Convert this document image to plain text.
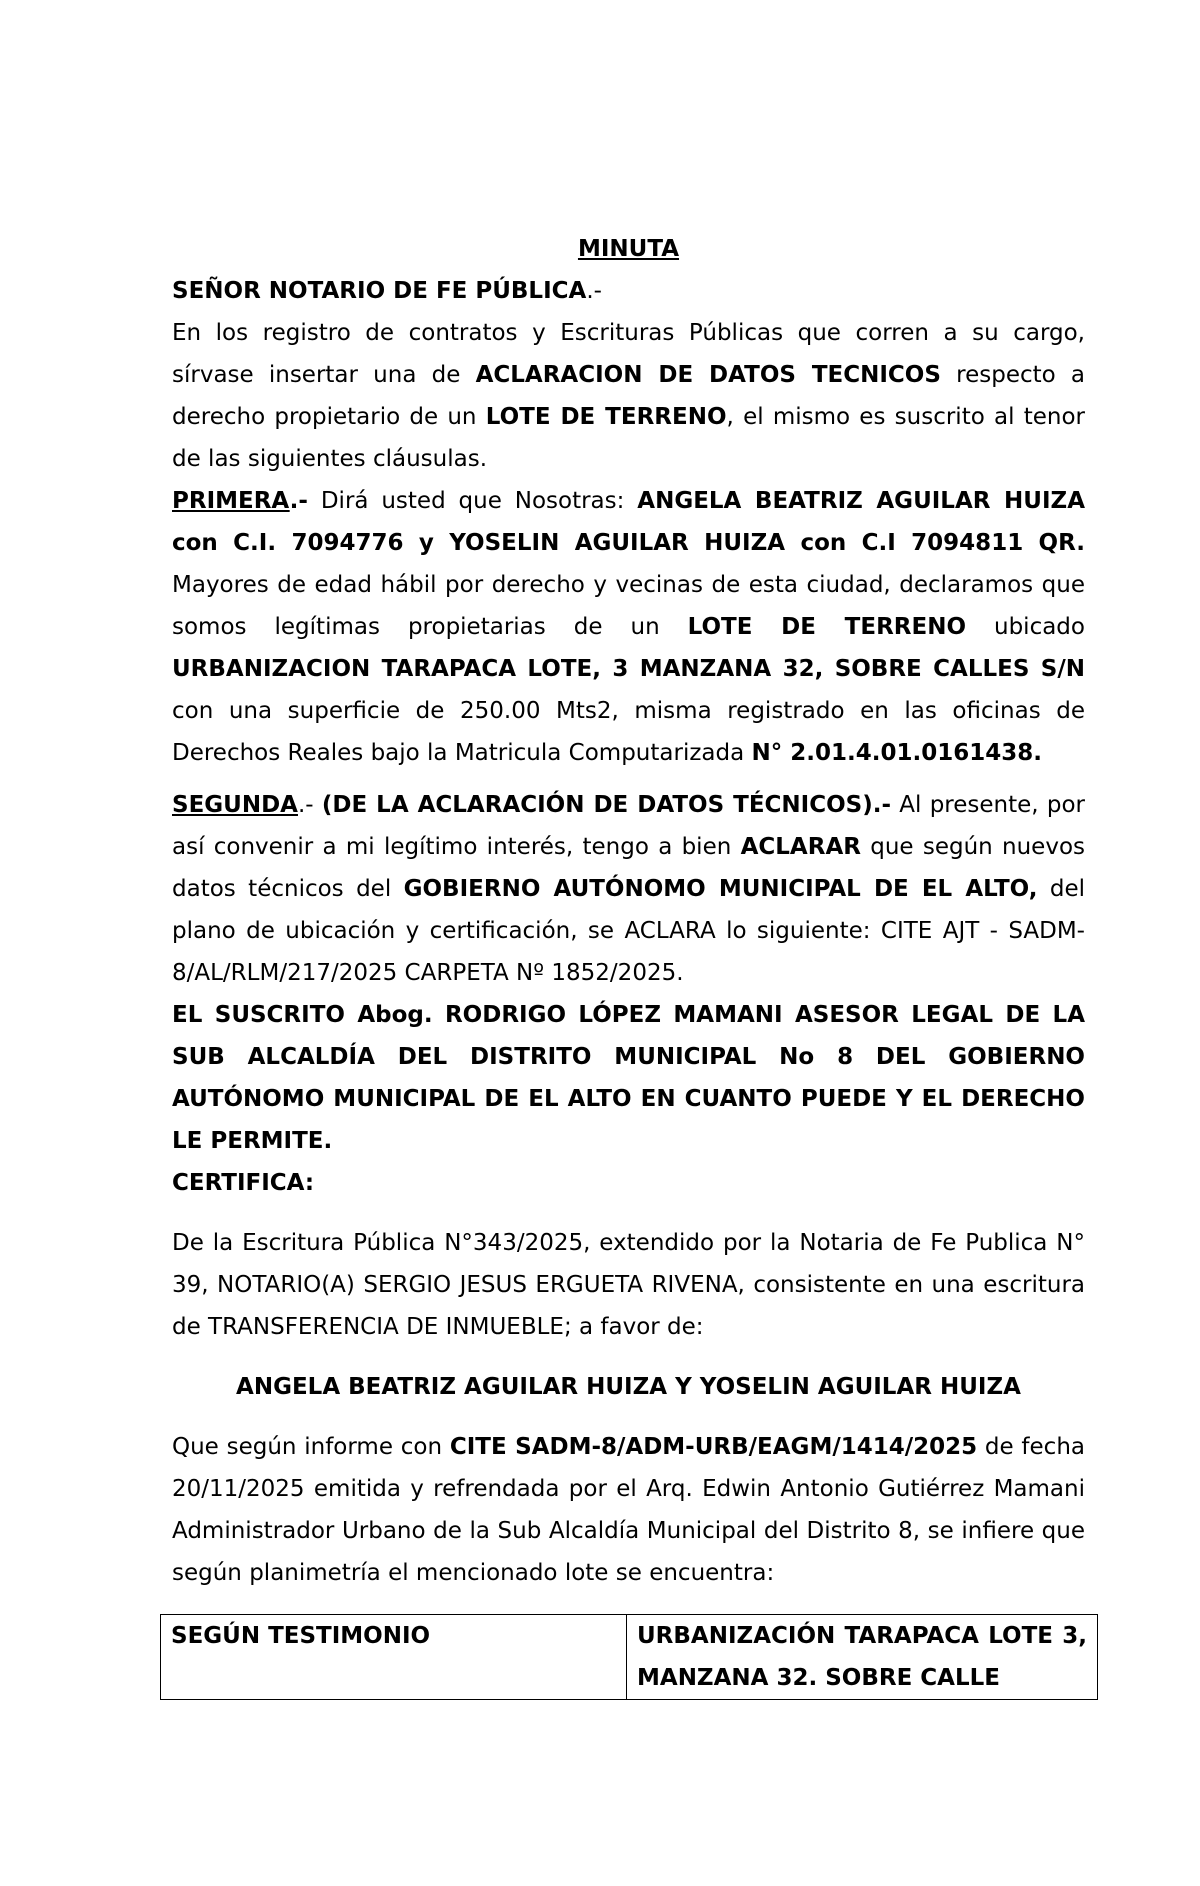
MINUTA

SEÑOR NOTARIO DE FE PÚBLICA.-

En los registro de contratos y Escrituras Públicas que corren a su cargo, sírvase insertar una de ACLARACION DE DATOS TECNICOS respecto a derecho propietario de un LOTE DE TERRENO, el mismo es suscrito al tenor de las siguientes cláusulas.

PRIMERA.- Dirá usted que Nosotras: ANGELA BEATRIZ AGUILAR HUIZA con C.I. 7094776 y YOSELIN AGUILAR HUIZA con C.I 7094811 QR. Mayores de edad hábil por derecho y vecinas de esta ciudad, declaramos que somos legítimas propietarias de un LOTE DE TERRENO ubicado URBANIZACION TARAPACA LOTE, 3 MANZANA 32, SOBRE CALLES S/N con una superficie de 250.00 Mts2, misma registrado en las oficinas de Derechos Reales bajo la Matricula Computarizada N° 2.01.4.01.0161438.

SEGUNDA.- (DE LA ACLARACIÓN DE DATOS TÉCNICOS).- Al presente, por así convenir a mi legítimo interés, tengo a bien ACLARAR que según nuevos datos técnicos del GOBIERNO AUTÓNOMO MUNICIPAL DE EL ALTO, del plano de ubicación y certificación, se ACLARA lo siguiente: CITE AJT - SADM-8/AL/RLM/217/2025 CARPETA Nº 1852/2025.

EL SUSCRITO Abog. RODRIGO LÓPEZ MAMANI ASESOR LEGAL DE LA SUB ALCALDÍA DEL DISTRITO MUNICIPAL No 8 DEL GOBIERNO AUTÓNOMO MUNICIPAL DE EL ALTO EN CUANTO PUEDE Y EL DERECHO LE PERMITE.

CERTIFICA:

De la Escritura Pública N°343/2025, extendido por la Notaria de Fe Publica N° 39, NOTARIO(A) SERGIO JESUS ERGUETA RIVENA, consistente en una escritura de TRANSFERENCIA DE INMUEBLE; a favor de:

ANGELA BEATRIZ AGUILAR HUIZA Y YOSELIN AGUILAR HUIZA

Que según informe con CITE SADM-8/ADM-URB/EAGM/1414/2025 de fecha 20/11/2025 emitida y refrendada por el Arq. Edwin Antonio Gutiérrez Mamani Administrador Urbano de la Sub Alcaldía Municipal del Distrito 8, se infiere que según planimetría el mencionado lote se encuentra:

SEGÚN TESTIMONIO	URBANIZACIÓN TARAPACA LOTE 3, MANZANA 32. SOBRE CALLE
